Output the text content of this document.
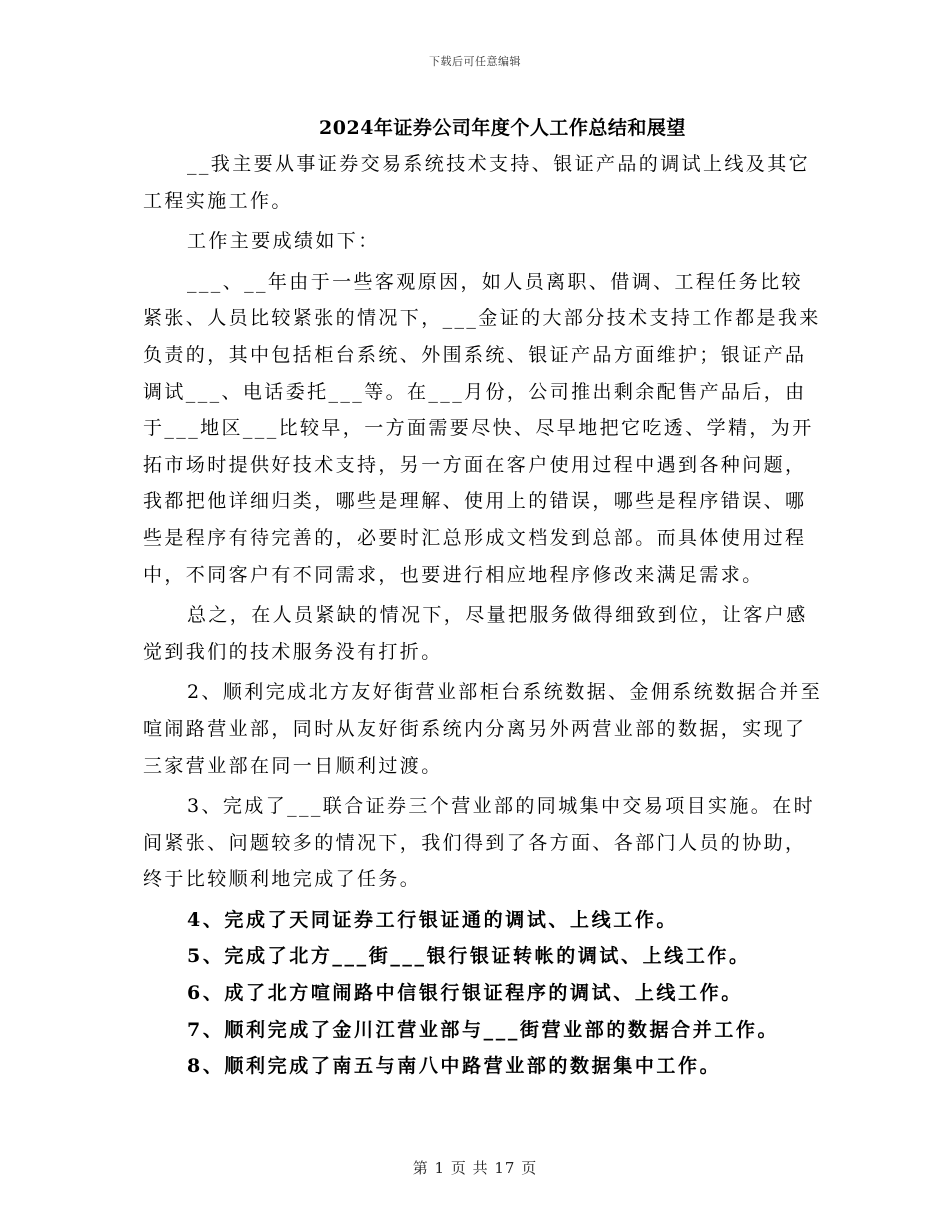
下载后可任意编辑
2024年证券公司年度个人工作总结和展望

__我主要从事证券交易系统技术支持、银证产品的调试上线及其它工程实施工作。

工作主要成绩如下：

___、__年由于一些客观原因，如人员离职、借调、工程任务比较紧张、人员比较紧张的情况下，___金证的大部分技术支持工作都是我来负责的，其中包括柜台系统、外围系统、银证产品方面维护；银证产品调试___、电话委托___等。在___月份，公司推出剩余配售产品后，由于___地区___比较早，一方面需要尽快、尽早地把它吃透、学精，为开拓市场时提供好技术支持，另一方面在客户使用过程中遇到各种问题，我都把他详细归类，哪些是理解、使用上的错误，哪些是程序错误、哪些是程序有待完善的，必要时汇总形成文档发到总部。而具体使用过程中，不同客户有不同需求，也要进行相应地程序修改来满足需求。

总之，在人员紧缺的情况下，尽量把服务做得细致到位，让客户感觉到我们的技术服务没有打折。

2、顺利完成北方友好街营业部柜台系统数据、金佣系统数据合并至喧闹路营业部，同时从友好街系统内分离另外两营业部的数据，实现了三家营业部在同一日顺利过渡。

3、完成了___联合证券三个营业部的同城集中交易项目实施。在时间紧张、问题较多的情况下，我们得到了各方面、各部门人员的协助，终于比较顺利地完成了任务。

4、完成了天同证券工行银证通的调试、上线工作。

5、完成了北方___街___银行银证转帐的调试、上线工作。

6、成了北方喧闹路中信银行银证程序的调试、上线工作。

7、顺利完成了金川江营业部与___街营业部的数据合并工作。

8、顺利完成了南五与南八中路营业部的数据集中工作。

第 1 页 共 17 页
